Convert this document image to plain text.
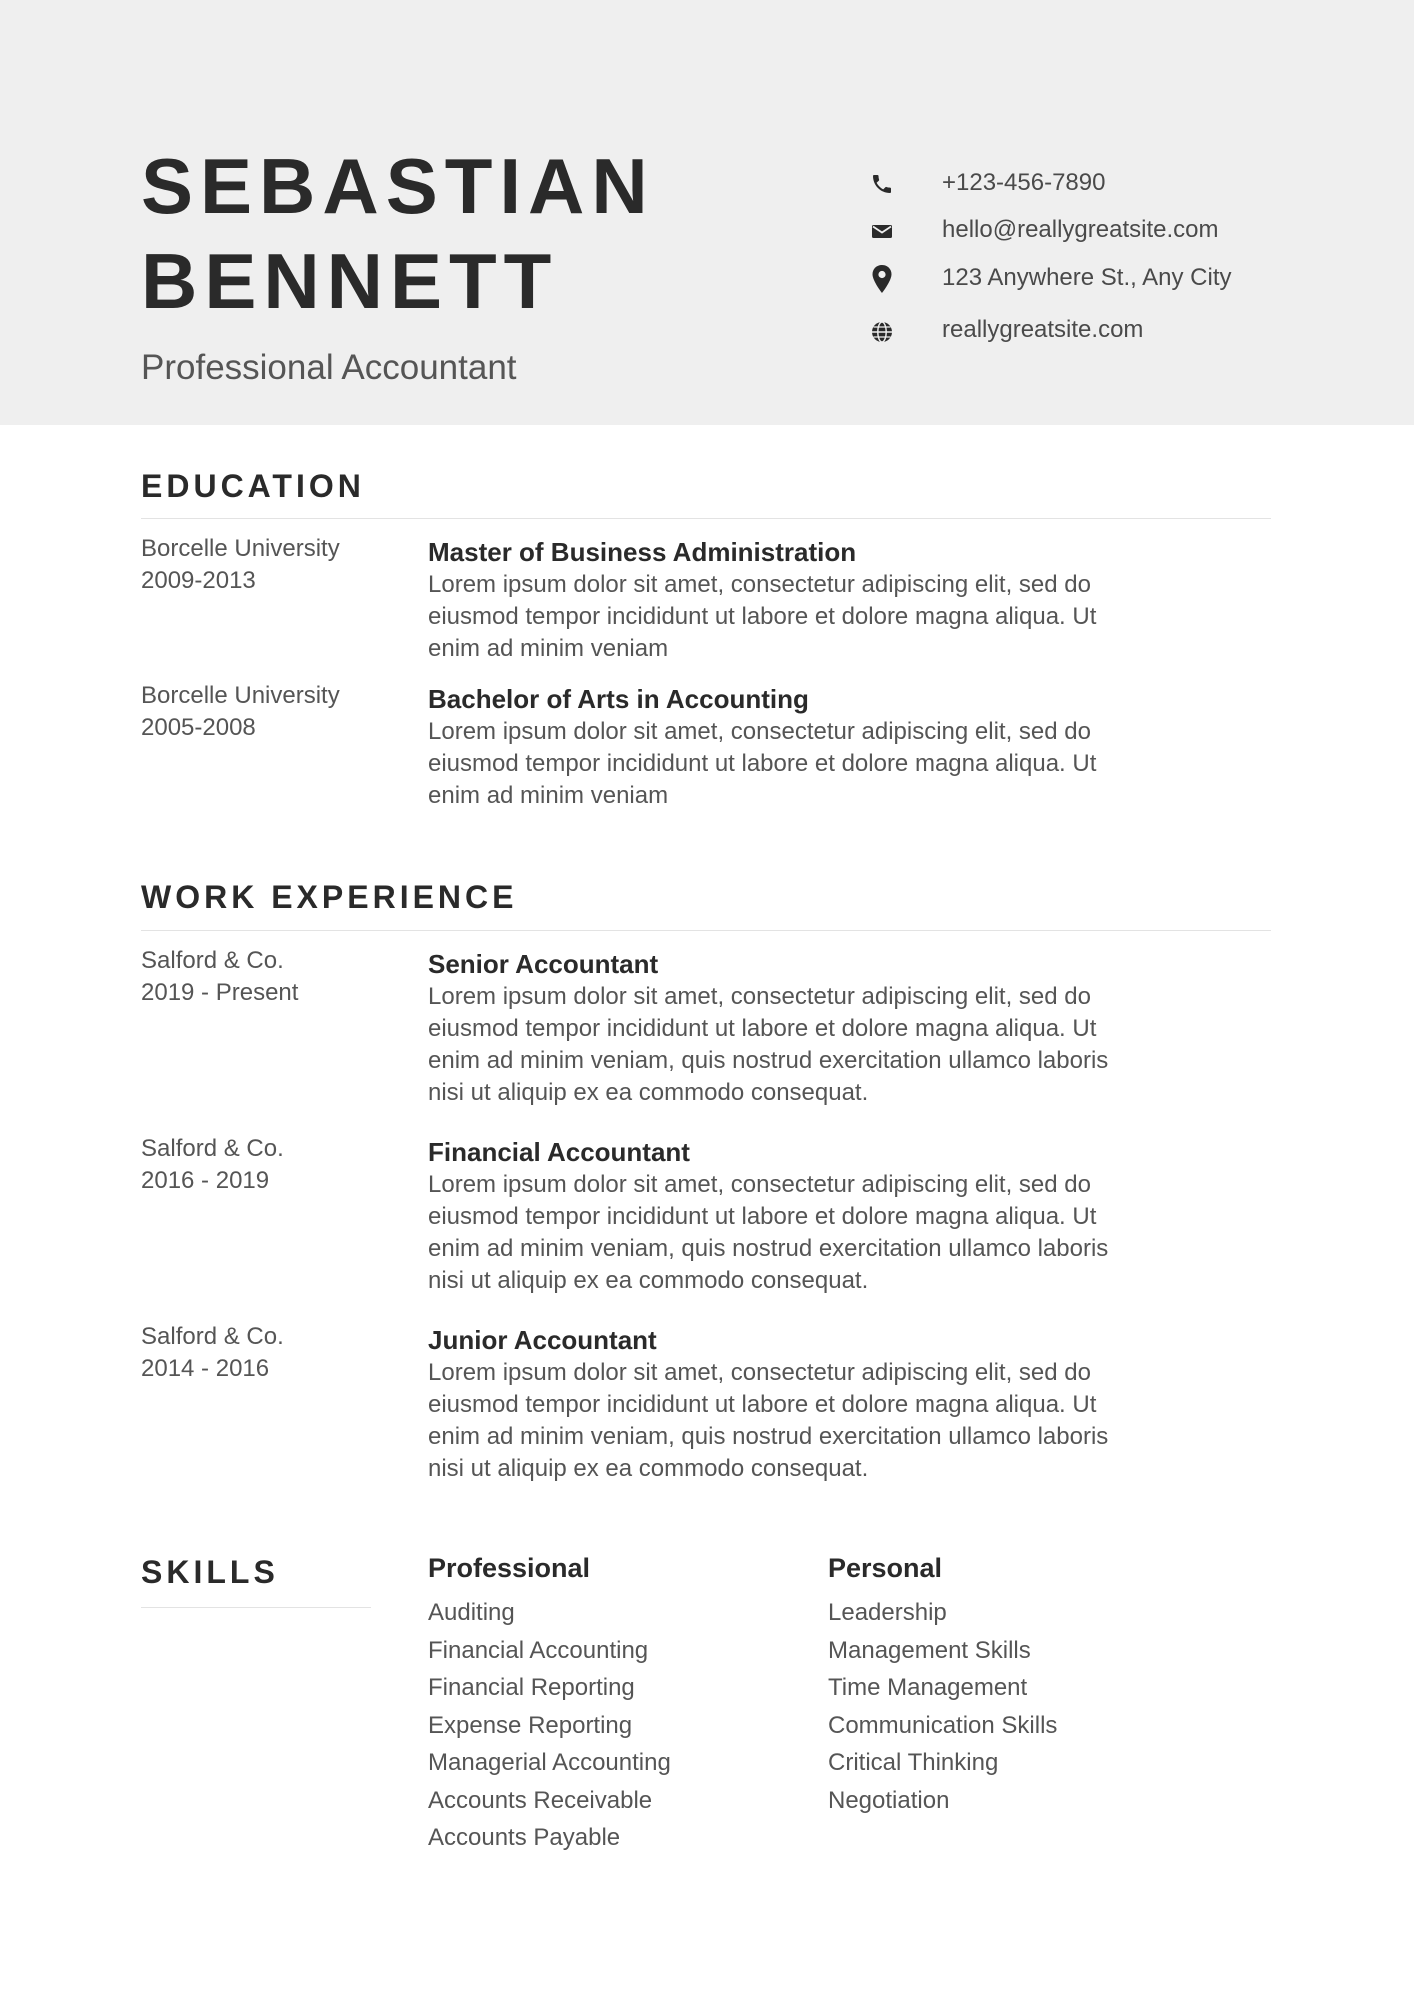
SEBASTIAN
BENNETT
Professional Accountant
+123-456-7890
hello@reallygreatsite.com
123 Anywhere St., Any City
reallygreatsite.com
EDUCATION
Borcelle University
2009-2013
Master of Business Administration
Lorem ipsum dolor sit amet, consectetur adipiscing elit, sed do
eiusmod tempor incididunt ut labore et dolore magna aliqua. Ut
enim ad minim veniam
Borcelle University
2005-2008
Bachelor of Arts in Accounting
Lorem ipsum dolor sit amet, consectetur adipiscing elit, sed do
eiusmod tempor incididunt ut labore et dolore magna aliqua. Ut
enim ad minim veniam
WORK EXPERIENCE
Salford & Co.
2019 - Present
Senior Accountant
Lorem ipsum dolor sit amet, consectetur adipiscing elit, sed do
eiusmod tempor incididunt ut labore et dolore magna aliqua. Ut
enim ad minim veniam, quis nostrud exercitation ullamco laboris
nisi ut aliquip ex ea commodo consequat.
Salford & Co.
2016 - 2019
Financial Accountant
Lorem ipsum dolor sit amet, consectetur adipiscing elit, sed do
eiusmod tempor incididunt ut labore et dolore magna aliqua. Ut
enim ad minim veniam, quis nostrud exercitation ullamco laboris
nisi ut aliquip ex ea commodo consequat.
Salford & Co.
2014 - 2016
Junior Accountant
Lorem ipsum dolor sit amet, consectetur adipiscing elit, sed do
eiusmod tempor incididunt ut labore et dolore magna aliqua. Ut
enim ad minim veniam, quis nostrud exercitation ullamco laboris
nisi ut aliquip ex ea commodo consequat.
SKILLS	Professional
Auditing
Financial Accounting
Financial Reporting
Expense Reporting
Managerial Accounting
Accounts Receivable
Accounts Payable
Personal
Leadership
Management Skills
Time Management
Communication Skills
Critical Thinking
Negotiation
